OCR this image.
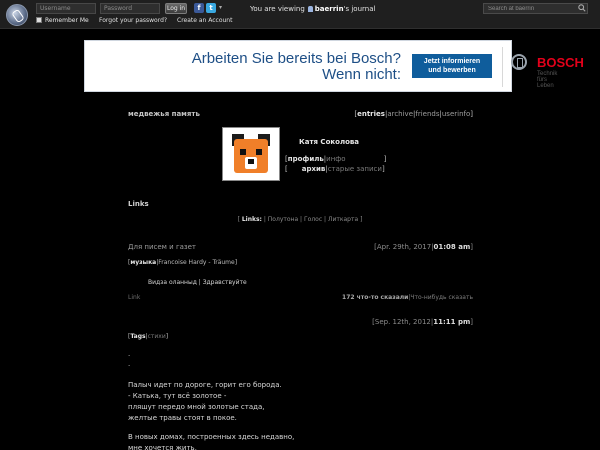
Username
Password
Log in	f	t	▾
Remember Me Forgot your password? Create an Account
You are viewing baerrin's journal
Search at baerrin
Arbeiten Sie bereits bei Bosch?
Wenn nicht:
Jetzt informieren
und bewerben
BOSCH
Technik fürs Leben
медвежья память	[entries|archive|friends|userinfo]
Катя Соколова
[профиль|инфо	]
[ архив|старые записи]
Links
[ Links: | Полутона | Голос | Литкарта ]
Для писем и газет	[Apr. 29th, 2017|01:08 am]
[музыка|Francoise Hardy - Träume]
Видза оланныд | Здравствуйте
Link	172 что-то сказали|Что-нибудь сказать
[Sep. 12th, 2012|11:11 pm]
[Tags|стихи]
·
·
Палыч идет по дороге, горит его борода.
- Катька, тут всё золотое -
пляшут передо мной золотые стада,
желтые травы стоят в покое.
В новых домах, построенных здесь недавно,
мне хочется жить,
